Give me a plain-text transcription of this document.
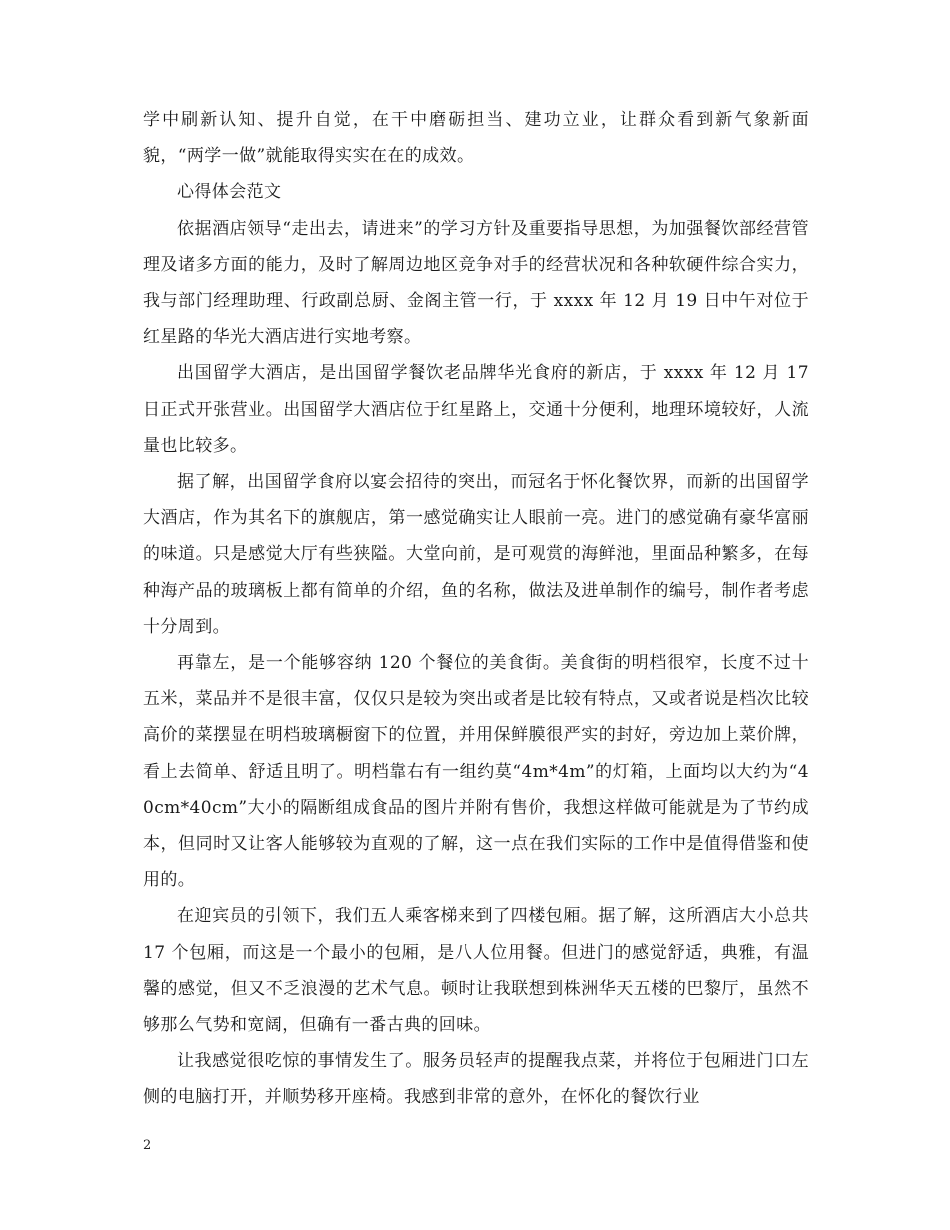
学中刷新认知、提升自觉，在干中磨砺担当、建功立业，让群众看到新气象新面貌，“两学一做”就能取得实实在在的成效。

心得体会范文

依据酒店领导“走出去，请进来”的学习方针及重要指导思想，为加强餐饮部经营管理及诸多方面的能力，及时了解周边地区竞争对手的经营状况和各种软硬件综合实力，我与部门经理助理、行政副总厨、金阁主管一行，于 xxxx 年 12 月 19 日中午对位于红星路的华光大酒店进行实地考察。

出国留学大酒店，是出国留学餐饮老品牌华光食府的新店，于 xxxx 年 12 月 17 日正式开张营业。出国留学大酒店位于红星路上，交通十分便利，地理环境较好，人流量也比较多。

据了解，出国留学食府以宴会招待的突出，而冠名于怀化餐饮界，而新的出国留学大酒店，作为其名下的旗舰店，第一感觉确实让人眼前一亮。进门的感觉确有豪华富丽的味道。只是感觉大厅有些狭隘。大堂向前，是可观赏的海鲜池，里面品种繁多，在每种海产品的玻璃板上都有简单的介绍，鱼的名称，做法及进单制作的编号，制作者考虑十分周到。

再靠左，是一个能够容纳 120 个餐位的美食街。美食街的明档很窄，长度不过十五米，菜品并不是很丰富，仅仅只是较为突出或者是比较有特点，又或者说是档次比较高价的菜摆显在明档玻璃橱窗下的位置，并用保鲜膜很严实的封好，旁边加上菜价牌，看上去简单、舒适且明了。明档靠右有一组约莫“4m*4m”的灯箱，上面均以大约为“40cm*40cm”大小的隔断组成食品的图片并附有售价，我想这样做可能就是为了节约成本，但同时又让客人能够较为直观的了解，这一点在我们实际的工作中是值得借鉴和使用的。

在迎宾员的引领下，我们五人乘客梯来到了四楼包厢。据了解，这所酒店大小总共 17 个包厢，而这是一个最小的包厢，是八人位用餐。但进门的感觉舒适，典雅，有温馨的感觉，但又不乏浪漫的艺术气息。顿时让我联想到株洲华天五楼的巴黎厅，虽然不够那么气势和宽阔，但确有一番古典的回味。

让我感觉很吃惊的事情发生了。服务员轻声的提醒我点菜，并将位于包厢进门口左侧的电脑打开，并顺势移开座椅。我感到非常的意外，在怀化的餐饮行业

2
